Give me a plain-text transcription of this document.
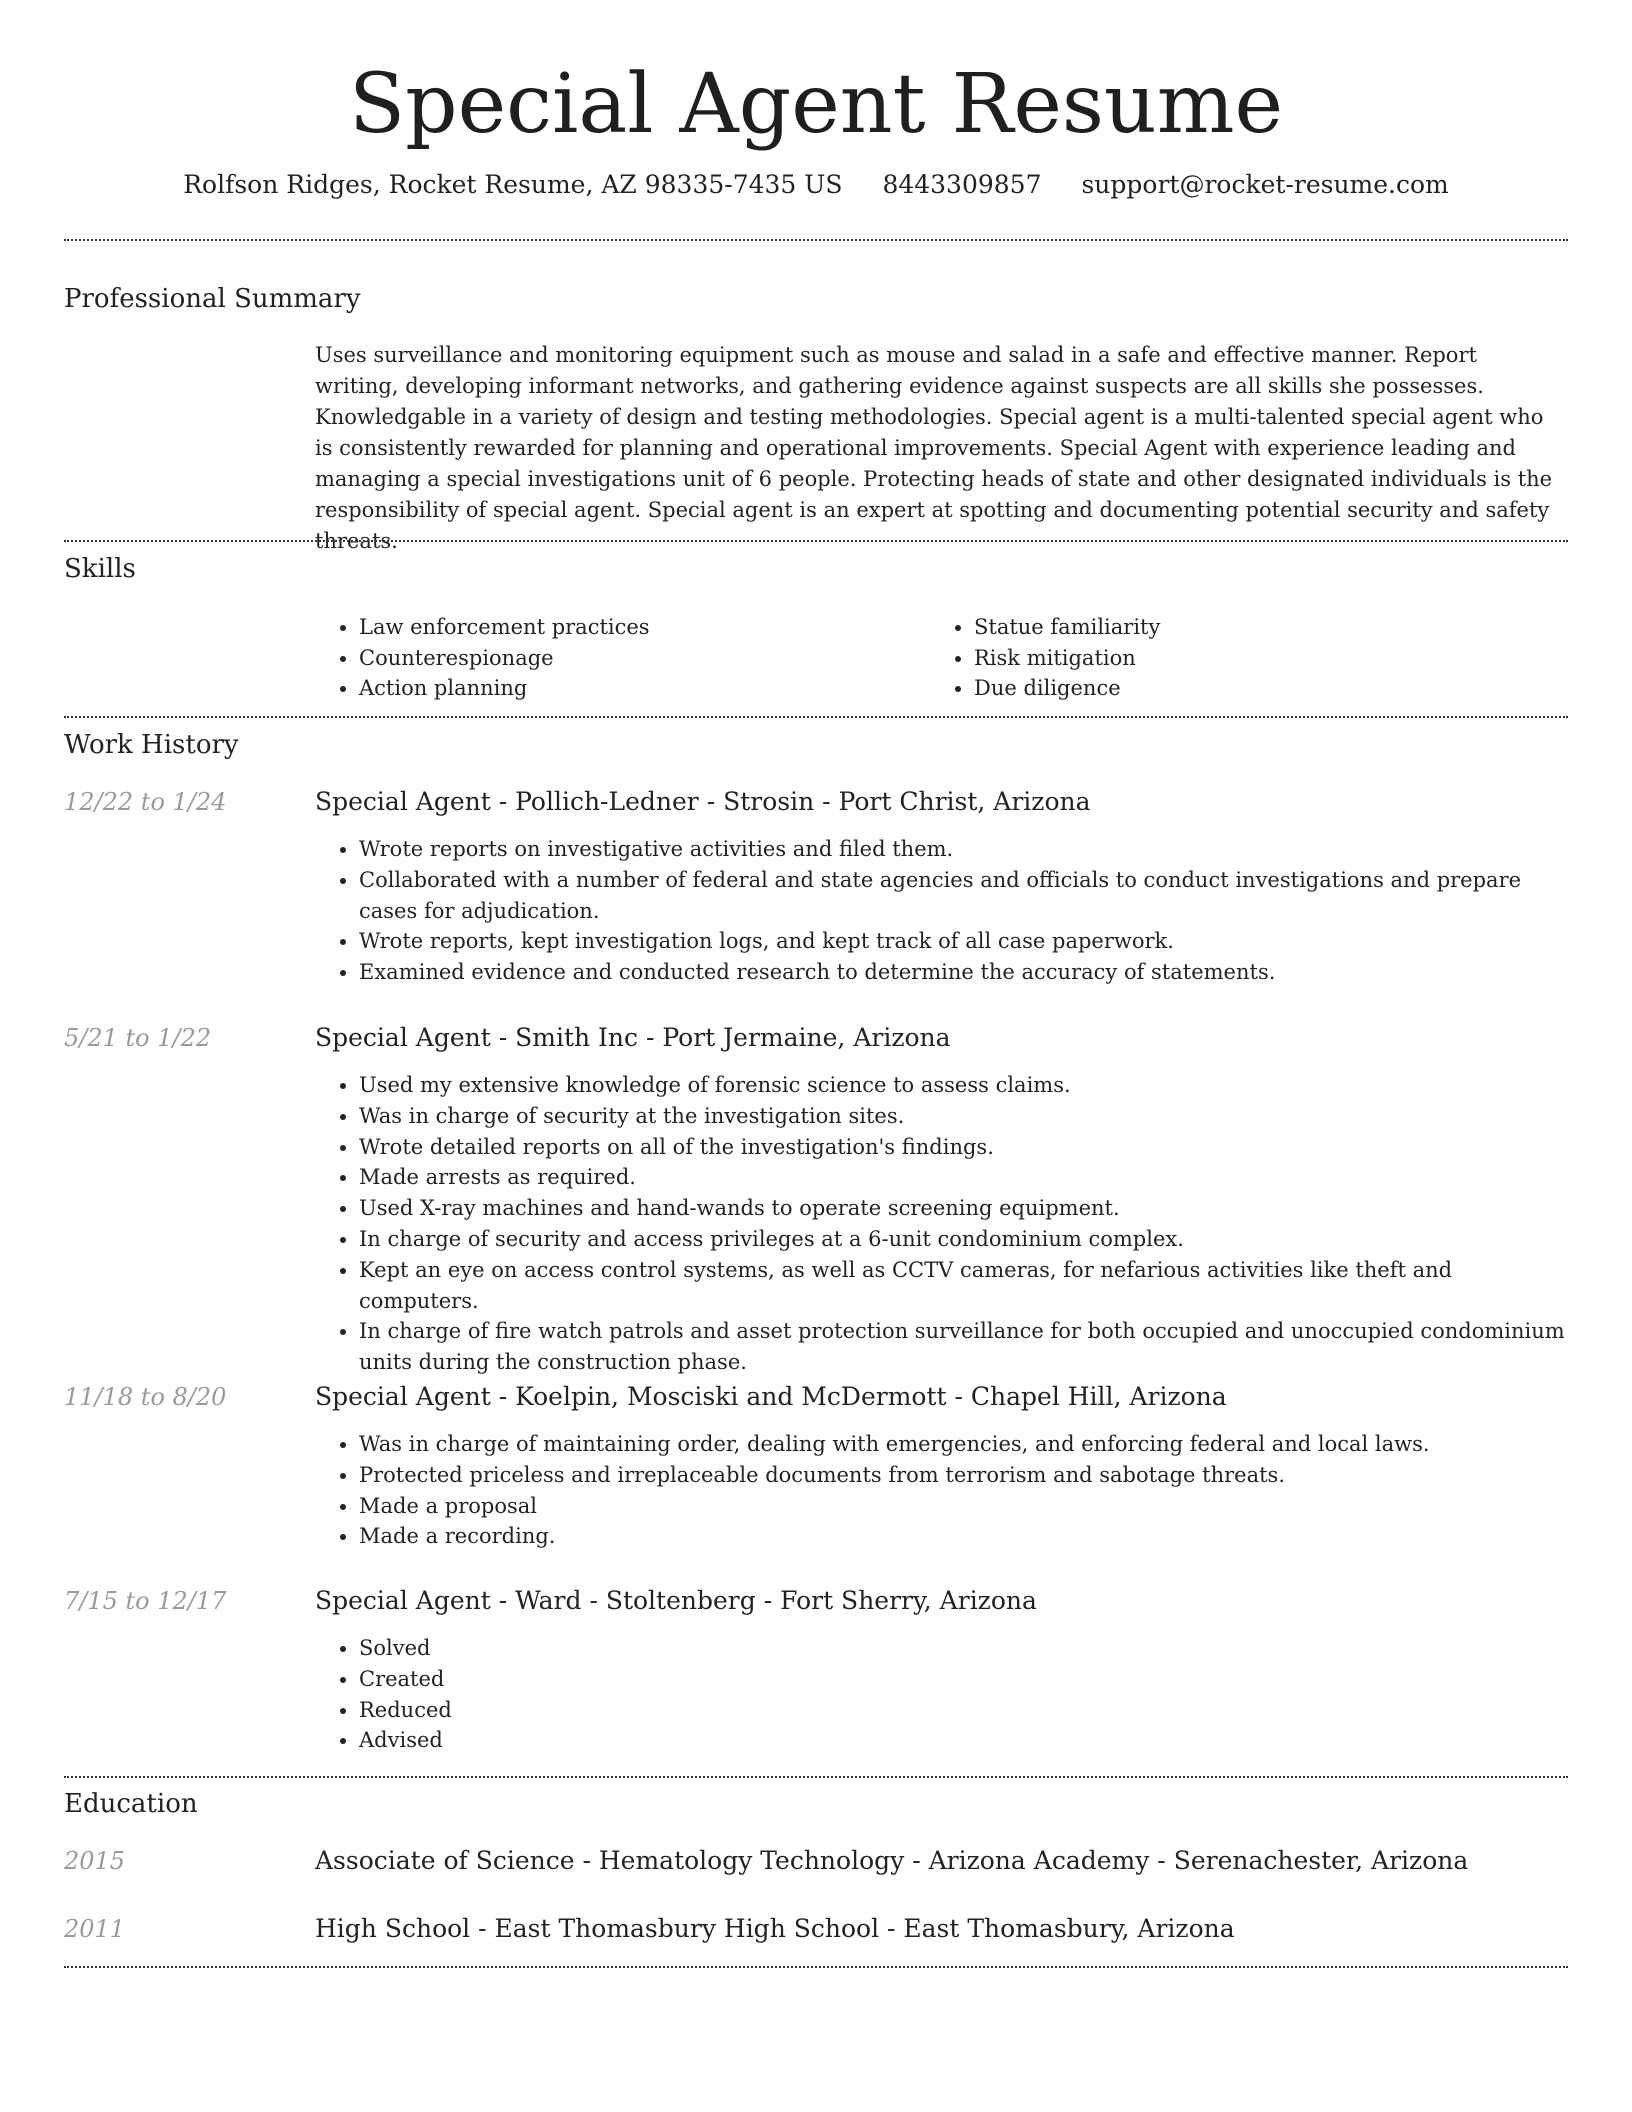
Special Agent Resume
Rolfson Ridges, Rocket Resume, AZ 98335-7435 US 8443309857 support@rocket-resume.com
Professional Summary
Uses surveillance and monitoring equipment such as mouse and salad in a safe and effective manner. Report writing, developing informant networks, and gathering evidence against suspects are all skills she possesses. Knowledgable in a variety of design and testing methodologies. Special agent is a multi-talented special agent who is consistently rewarded for planning and operational improvements. Special Agent with experience leading and managing a special investigations unit of 6 people. Protecting heads of state and other designated individuals is the responsibility of special agent. Special agent is an expert at spotting and documenting potential security and safety threats.
Skills
• Law enforcement practices
• Counterespionage
• Action planning
• Statue familiarity
• Risk mitigation
• Due diligence
Work History
12/22 to 1/24	Special Agent - Pollich-Ledner - Strosin - Port Christ, Arizona
• Wrote reports on investigative activities and filed them.
• Collaborated with a number of federal and state agencies and officials to conduct investigations and prepare cases for adjudication.
• Wrote reports, kept investigation logs, and kept track of all case paperwork.
• Examined evidence and conducted research to determine the accuracy of statements.
5/21 to 1/22	Special Agent - Smith Inc - Port Jermaine, Arizona
• Used my extensive knowledge of forensic science to assess claims.
• Was in charge of security at the investigation sites.
• Wrote detailed reports on all of the investigation's findings.
• Made arrests as required.
• Used X-ray machines and hand-wands to operate screening equipment.
• In charge of security and access privileges at a 6-unit condominium complex.
• Kept an eye on access control systems, as well as CCTV cameras, for nefarious activities like theft and computers.
• In charge of fire watch patrols and asset protection surveillance for both occupied and unoccupied condominium units during the construction phase.
11/18 to 8/20	Special Agent - Koelpin, Mosciski and McDermott - Chapel Hill, Arizona
• Was in charge of maintaining order, dealing with emergencies, and enforcing federal and local laws.
• Protected priceless and irreplaceable documents from terrorism and sabotage threats.
• Made a proposal
• Made a recording.
7/15 to 12/17	Special Agent - Ward - Stoltenberg - Fort Sherry, Arizona
• Solved
• Created
• Reduced
• Advised
Education
2015	Associate of Science - Hematology Technology - Arizona Academy - Serenachester, Arizona
2011	High School - East Thomasbury High School - East Thomasbury, Arizona
